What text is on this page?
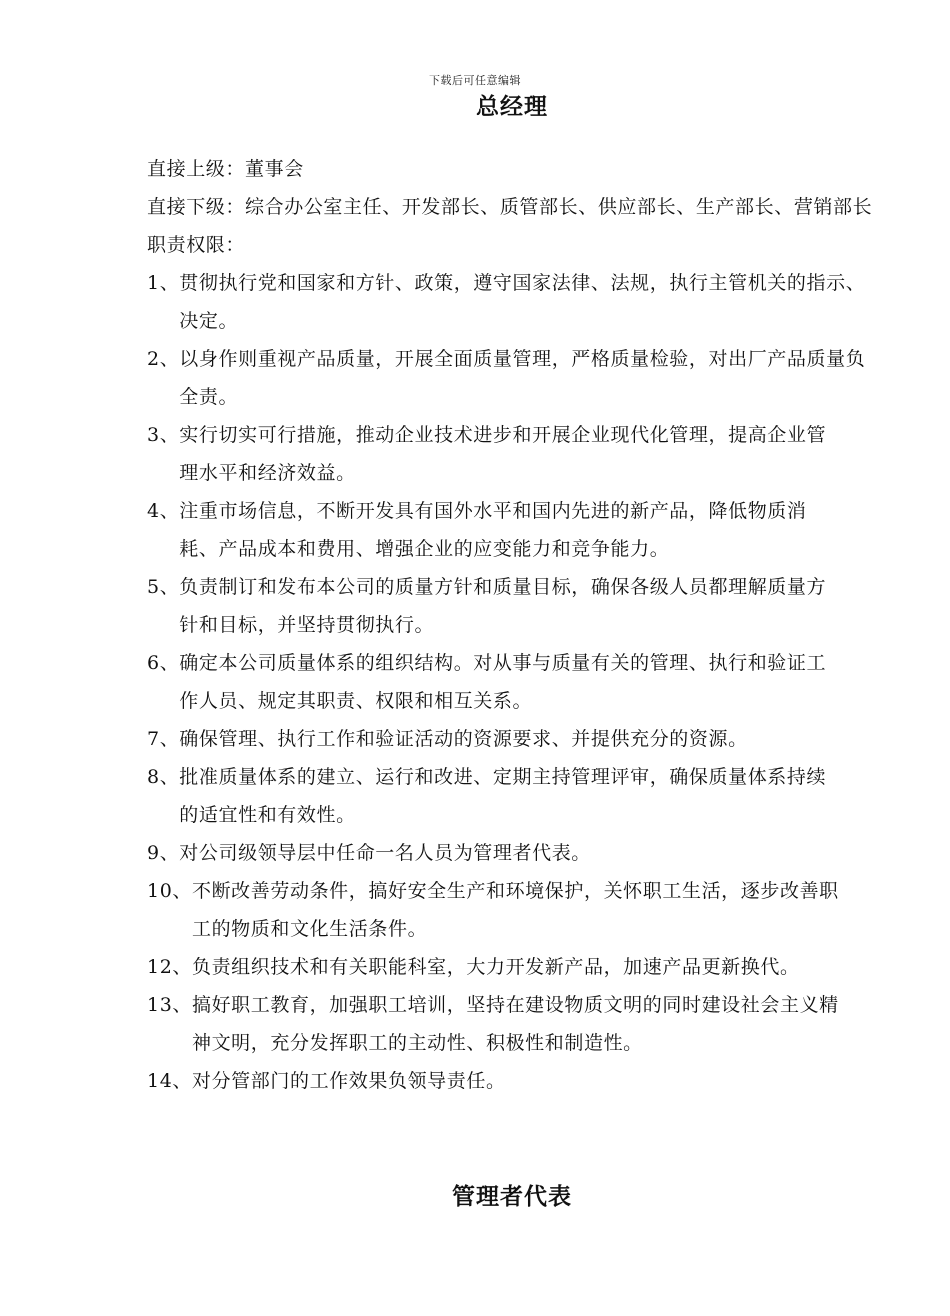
下载后可任意编辑
总经理
直接上级： 董事会
直接下级： 综合办公室主任、开发部长、质管部长、供应部长、生产部长、营销部长
职责权限：
1、 贯彻执行党和国家和方针、政策，遵守国家法律、法规，执行主管机关的指示、决定。
2、 以身作则重视产品质量，开展全面质量管理，严格质量检验，对出厂产品质量负全责。
3、 实行切实可行措施，推动企业技术进步和开展企业现代化管理，提高企业管理水平和经济效益。
4、 注重市场信息，不断开发具有国外水平和国内先进的新产品，降低物质消耗、产品成本和费用、增强企业的应变能力和竞争能力。
5、 负责制订和发布本公司的质量方针和质量目标，确保各级人员都理解质量方针和目标，并坚持贯彻执行。
6、 确定本公司质量体系的组织结构。对从事与质量有关的管理、执行和验证工作人员、规定其职责、权限和相互关系。
7、 确保管理、执行工作和验证活动的资源要求、并提供充分的资源。
8、 批准质量体系的建立、运行和改进、定期主持管理评审，确保质量体系持续的适宜性和有效性。
9、 对公司级领导层中任命一名人员为管理者代表。
10、 不断改善劳动条件，搞好安全生产和环境保护，关怀职工生活，逐步改善职工的物质和文化生活条件。
12、 负责组织技术和有关职能科室，大力开发新产品，加速产品更新换代。
13、 搞好职工教育，加强职工培训，坚持在建设物质文明的同时建设社会主义精神文明，充分发挥职工的主动性、积极性和制造性。
14、 对分管部门的工作效果负领导责任。
管理者代表
